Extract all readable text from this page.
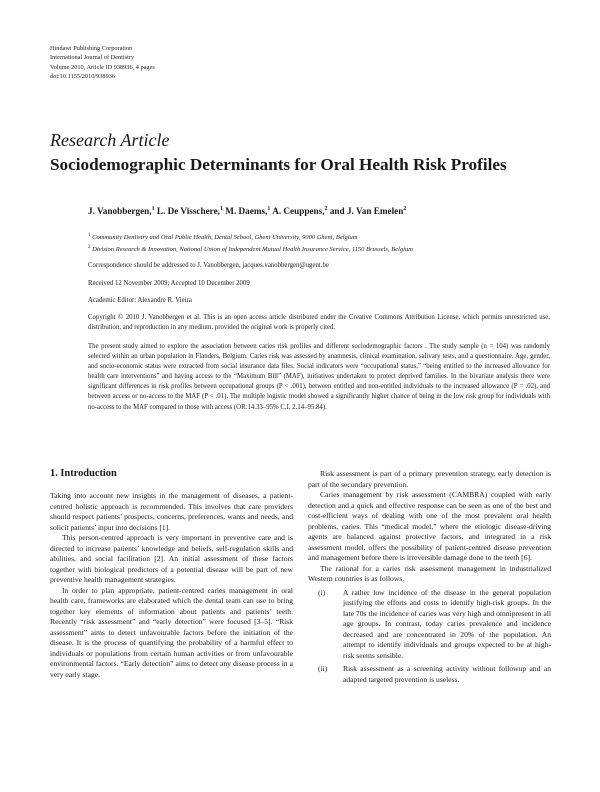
Hindawi Publishing Corporation
International Journal of Dentistry
Volume 2010, Article ID 938936, 4 pages
doi:10.1155/2010/938936
Research Article
Sociodemographic Determinants for Oral Health Risk Profiles
J. Vanobbergen,$^1$ L. De Visschere,$^1$ M. Daems,$^1$ A. Ceuppens,$^2$ and J. Van Emelen$^2$
$^1$ Community Dentistry and Oral Public Health, Dental School, Ghent University, 9000 Ghent, Belgium
$^2$ Division Research & Innovation, National Union of Independent Mutual Health Insurance Service, 1150 Brussels, Belgium
Correspondence should be addressed to J. Vanobbergen, jacques.vanobbergen@ugent.be
Received 12 November 2009; Accepted 10 December 2009
Academic Editor: Alexandre R. Vieira
Copyright © 2010 J. Vanobbergen et al. This is an open access article distributed under the Creative Commons Attribution License, which permits unrestricted use, distribution, and reproduction in any medium, provided the original work is properly cited.
The present study aimed to explore the association between caries risk profiles and different sociodemographic factors . The study sample (n = 104) was randomly selected within an urban population in Flanders, Belgium. Caries risk was assessed by anamnesis, clinical examination, salivary tests, and a questionnaire. Age, gender, and socio-economic status were extracted from social insurance data files. Social indicators were “occupational status,” “being entitled to the increased allowance for health care interventions” and having access to the “Maximum Bill” (MAF), initiatives undertaken to protect deprived families. In the bivariate analysis there were significant differences in risk profiles between occupational groups (P < .001), between entitled and non-entitled individuals to the increased allowance (P = .02), and between access or no-access to the MAF (P < .01). The multiple logistic model showed a significantly higher chance of being in the low risk group for individuals with no-access to the MAF compared to those with access (OR:14.33–95% C.I. 2.14–95.84).
1. Introduction

Taking into account new insights in the management of diseases, a patient-centred holistic approach is recommended. This involves that care providers should respect patients’ prospects, concerns, preferences, wants and needs, and solicit patients’ input into decisions [1].

This person-centred approach is very important in preventive care and is directed to increase patients’ knowledge and beliefs, self-regulation skills and abilities, and social facilitation [2]. An initial assessment of these factors together with biological predictors of a potential disease will be part of new preventive health management strategies.

In order to plan appropriate, patient-centred caries management in oral health care, frameworks are elaborated which the dental team can use to bring together key elements of information about patients and patients’ teeth. Recently “risk assessment” and “early detection” were focused [3–5]. “Risk assessment” aims to detect unfavourable factors before the initiation of the disease. It is the process of quantifying the probability of a harmful effect to individuals or populations from certain human activities or from unfavourable environmental factors. “Early detection” aims to detect any disease process in a very early stage.

Risk assessment is part of a primary prevention strategy, early detection is part of the secondary prevention.

Caries management by risk assessment (CAMBRA) coupled with early detection and a quick and effective response can be seen as one of the best and cost-efficient ways of dealing with one of the most prevalent oral health problems, caries. This “medical model,” where the etiologic disease-driving agents are balanced against protective factors, and integrated in a risk assessment model, offers the possibility of patient-centred disease prevention and management before there is irreversible damage done to the teeth [6].

The rational for a caries risk assessment management in industrialized Western countries is as follows.

(i) A rather low incidence of the disease in the general population justifying the efforts and costs to identify high-risk groups. In the late 70s the incidence of caries was very high and omnipresent in all age groups. In contrast, today caries prevalence and incidence decreased and are concentrated in 20% of the population. An attempt to identify individuals and groups expected to be at high-risk seems sensible.
(ii) Risk assessment as a screening activity without followup and an adapted targeted prevention is useless.
